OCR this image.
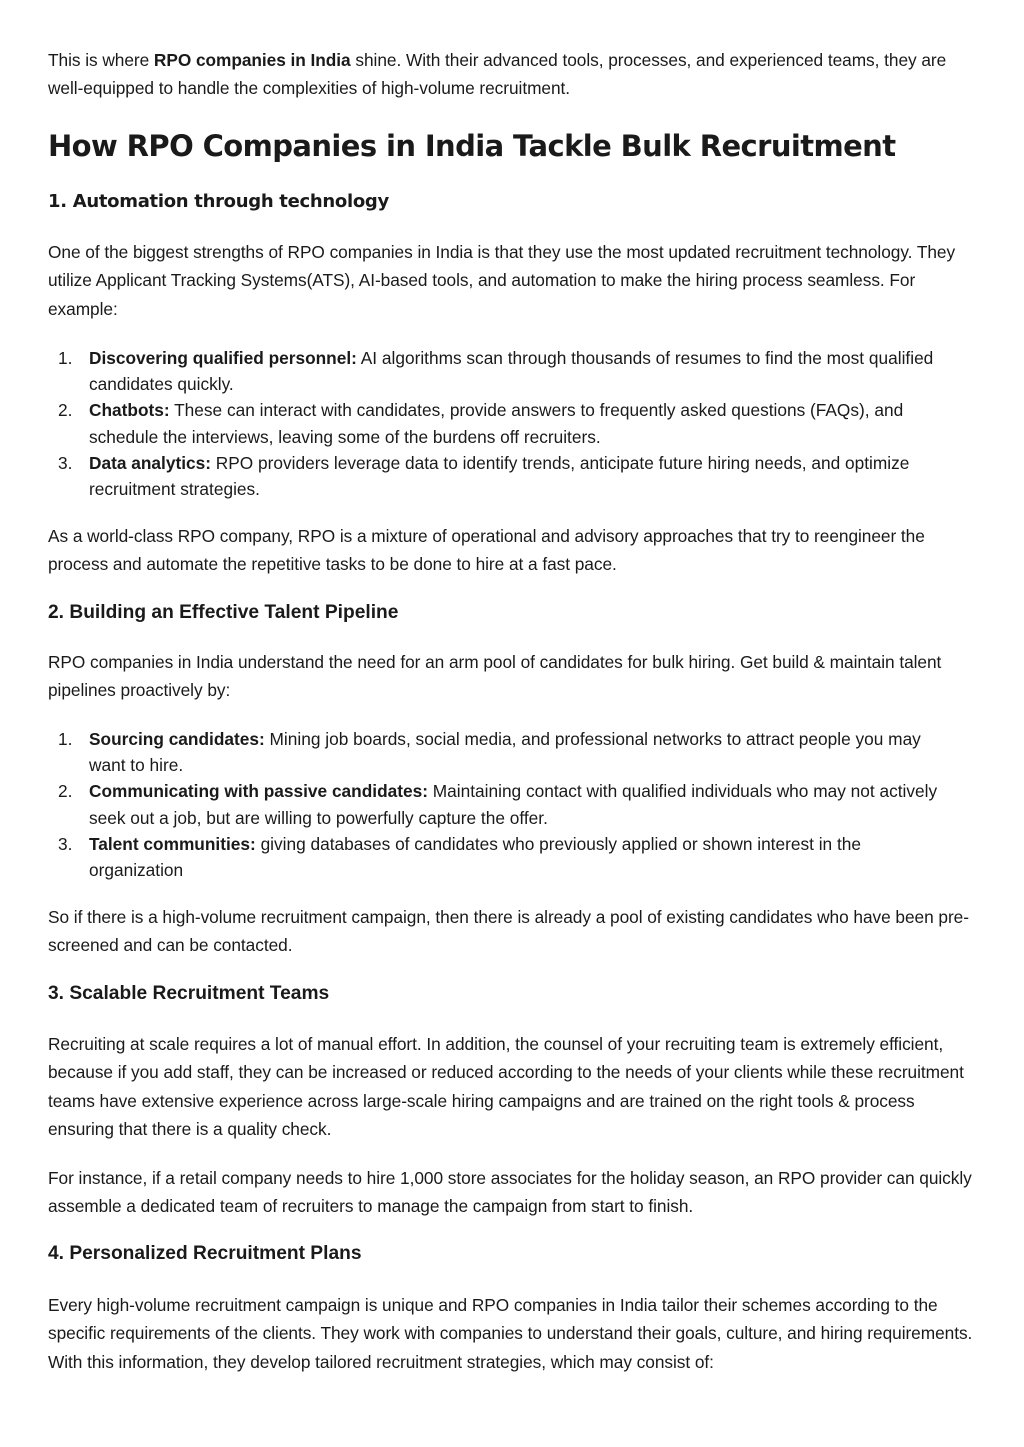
This is where RPO companies in India shine. With their advanced tools, processes, and experienced teams, they are well-equipped to handle the complexities of high-volume recruitment.

How RPO Companies in India Tackle Bulk Recruitment
1. Automation through technology

One of the biggest strengths of RPO companies in India is that they use the most updated recruitment technology. They utilize Applicant Tracking Systems(ATS), AI-based tools, and automation to make the hiring process seamless. For example:

1. Discovering qualified personnel: AI algorithms scan through thousands of resumes to find the most qualified candidates quickly.
2. Chatbots: These can interact with candidates, provide answers to frequently asked questions (FAQs), and schedule the interviews, leaving some of the burdens off recruiters.
3. Data analytics: RPO providers leverage data to identify trends, anticipate future hiring needs, and optimize recruitment strategies.

As a world-class RPO company, RPO is a mixture of operational and advisory approaches that try to reengineer the process and automate the repetitive tasks to be done to hire at a fast pace.

2. Building an Effective Talent Pipeline

RPO companies in India understand the need for an arm pool of candidates for bulk hiring. Get build & maintain talent pipelines proactively by:

1. Sourcing candidates: Mining job boards, social media, and professional networks to attract people you may want to hire.
2. Communicating with passive candidates: Maintaining contact with qualified individuals who may not actively seek out a job, but are willing to powerfully capture the offer.
3. Talent communities: giving databases of candidates who previously applied or shown interest in the organization

So if there is a high-volume recruitment campaign, then there is already a pool of existing candidates who have been pre-screened and can be contacted.

3. Scalable Recruitment Teams

Recruiting at scale requires a lot of manual effort. In addition, the counsel of your recruiting team is extremely efficient, because if you add staff, they can be increased or reduced according to the needs of your clients while these recruitment teams have extensive experience across large-scale hiring campaigns and are trained on the right tools & process ensuring that there is a quality check.

For instance, if a retail company needs to hire 1,000 store associates for the holiday season, an RPO provider can quickly assemble a dedicated team of recruiters to manage the campaign from start to finish.

4. Personalized Recruitment Plans

Every high-volume recruitment campaign is unique and RPO companies in India tailor their schemes according to the specific requirements of the clients. They work with companies to understand their goals, culture, and hiring requirements. With this information, they develop tailored recruitment strategies, which may consist of:
